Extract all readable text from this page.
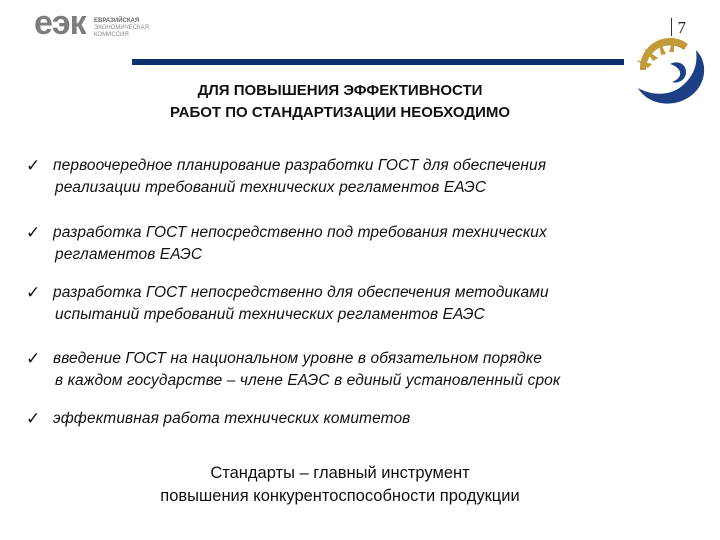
eэк ЕВРАЗИЙСКАЯ
ЭКОНОМИЧЕСКАЯ
КОМИССИЯ	7
ДЛЯ ПОВЫШЕНИЯ ЭФФЕКТИВНОСТИ
РАБОТ ПО СТАНДАРТИЗАЦИИ НЕОБХОДИМО
✓ первоочередное планирование разработки ГОСТ для обеспечения
реализации требований технических регламентов ЕАЭС
✓ разработка ГОСТ непосредственно под требования технических
регламентов ЕАЭС
✓ разработка ГОСТ непосредственно для обеспечения методиками
испытаний требований технических регламентов ЕАЭС
✓ введение ГОСТ на национальном уровне в обязательном порядке
в каждом государстве – члене ЕАЭС в единый установленный срок
✓ эффективная работа технических комитетов
Стандарты – главный инструмент
повышения конкурентоспособности продукции
